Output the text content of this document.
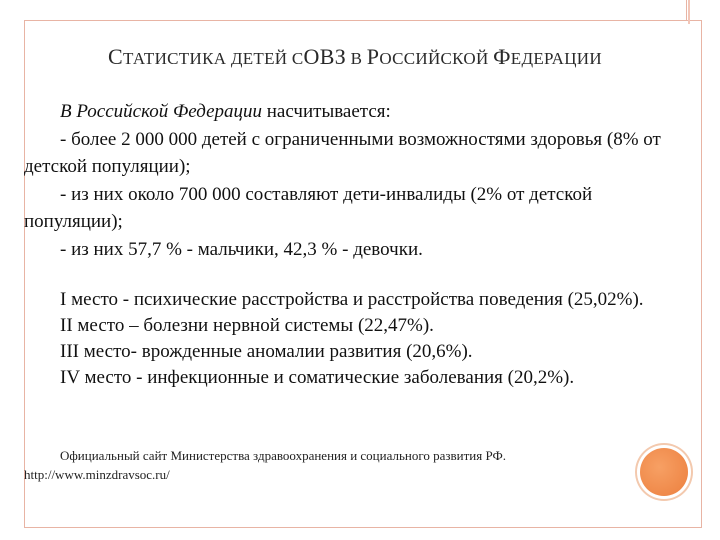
СТАТИСТИКА ДЕТЕЙ СОВЗ В РОССИЙСКОЙ ФЕДЕРАЦИИ

В Российской Федерации насчитывается:

- более 2 000 000 детей с ограниченными возможностями здоровья (8% от детской популяции);

- из них около 700 000 составляют дети-инвалиды (2% от детской популяции);

- из них 57,7 % - мальчики, 42,3 % - девочки.

I место - психические расстройства и расстройства поведения (25,02%).

II место – болезни нервной системы (22,47%).

III место- врожденные аномалии развития (20,6%).

IV место - инфекционные и соматические заболевания (20,2%).

Официальный сайт Министерства здравоохранения и социального развития РФ.
http://www.minzdravsoc.ru/
